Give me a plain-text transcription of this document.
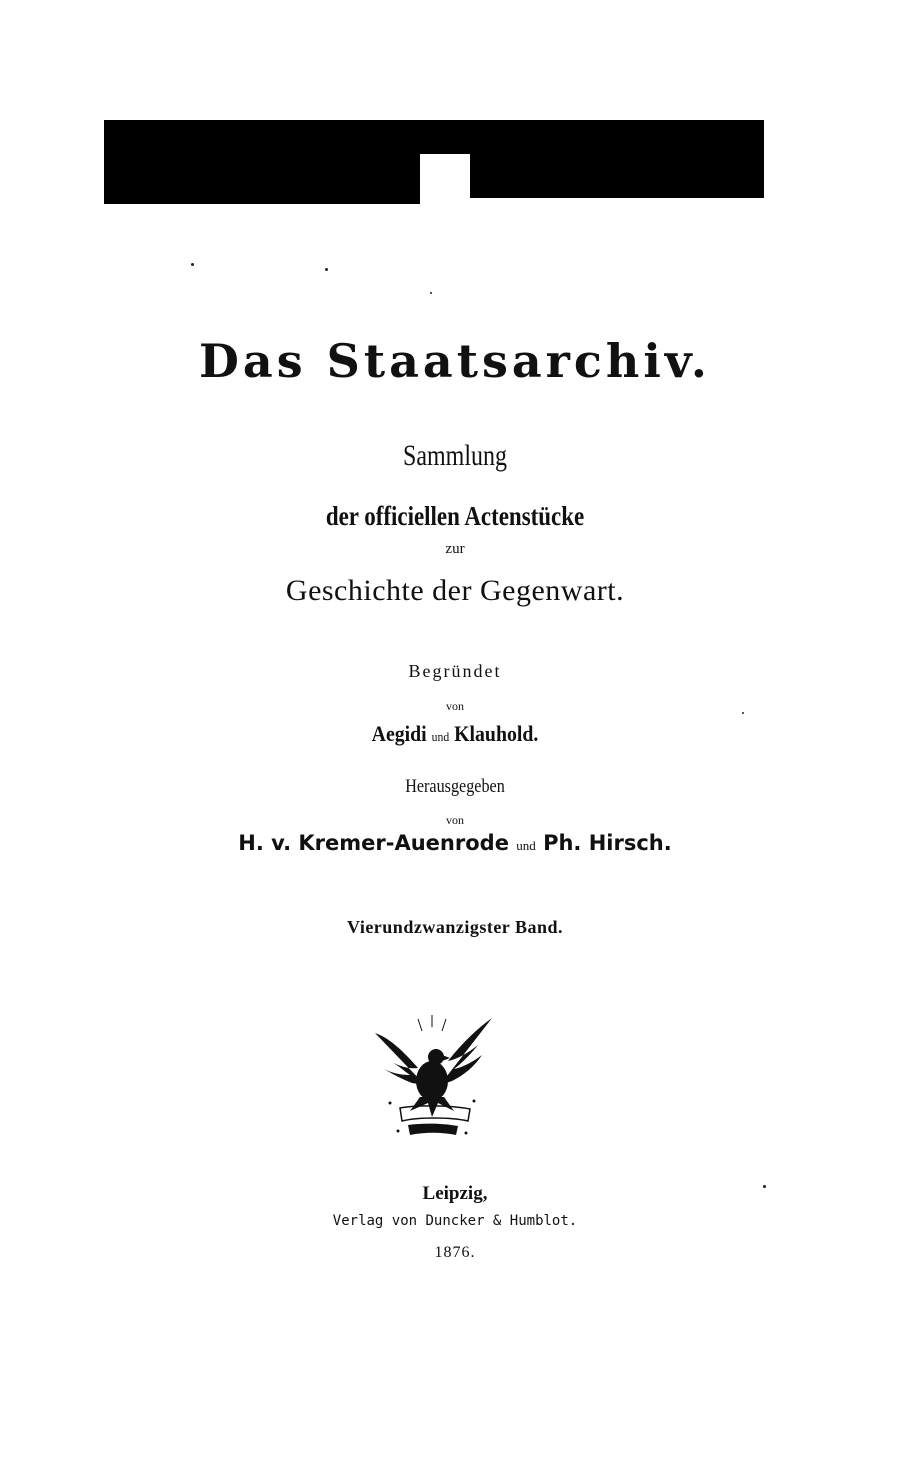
Das Staatsarchiv.
Sammlung
der officiellen Actenstücke
zur
Geschichte der Gegenwart.
Begründet
von
Aegidi und Klauhold.
Herausgegeben
von
H. v. Kremer-Auenrode und Ph. Hirsch.
Vierundzwanzigster Band.
Leipzig,
Verlag von Duncker & Humblot.
1876.
